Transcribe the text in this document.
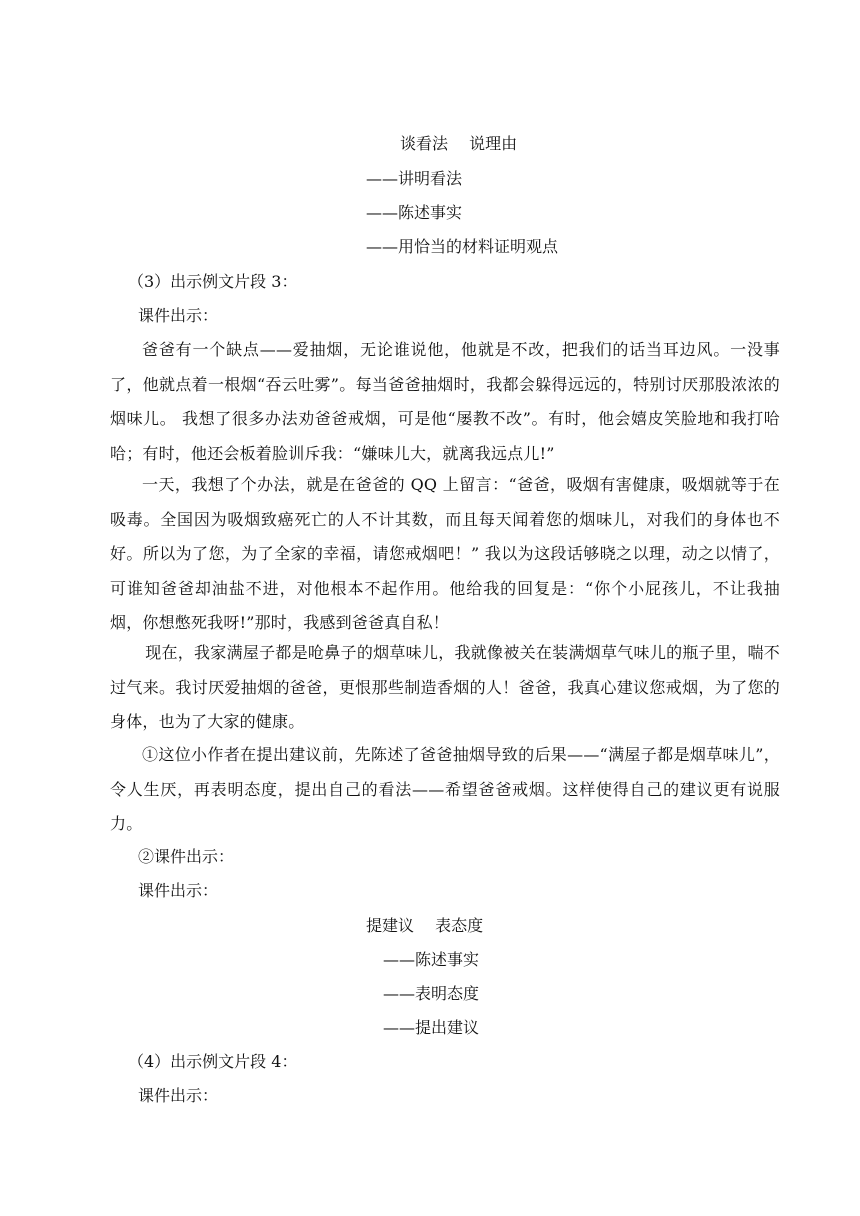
谈看法　 说理由
——讲明看法
——陈述事实
——用恰当的材料证明观点
（3）出示例文片段 3：
课件出示：
爸爸有一个缺点——爱抽烟，无论谁说他，他就是不改，把我们的话当耳边风。一没事了，他就点着一根烟“吞云吐雾”。每当爸爸抽烟时，我都会躲得远远的，特别讨厌那股浓浓的烟味儿。 我想了很多办法劝爸爸戒烟，可是他“屡教不改”。有时，他会嬉皮笑脸地和我打哈哈；有时，他还会板着脸训斥我：“嫌味儿大，就离我远点儿!”
一天，我想了个办法，就是在爸爸的 QQ 上留言：“爸爸，吸烟有害健康，吸烟就等于在吸毒。全国因为吸烟致癌死亡的人不计其数，而且每天闻着您的烟味儿，对我们的身体也不好。所以为了您，为了全家的幸福，请您戒烟吧！” 我以为这段话够晓之以理，动之以情了，可谁知爸爸却油盐不进，对他根本不起作用。他给我的回复是：“你个小屁孩儿，不让我抽烟，你想憋死我呀!”那时，我感到爸爸真自私！
现在，我家满屋子都是呛鼻子的烟草味儿，我就像被关在装满烟草气味儿的瓶子里，喘不过气来。我讨厌爱抽烟的爸爸，更恨那些制造香烟的人！爸爸，我真心建议您戒烟，为了您的身体，也为了大家的健康。
①这位小作者在提出建议前，先陈述了爸爸抽烟导致的后果——“满屋子都是烟草味儿”，令人生厌，再表明态度，提出自己的看法——希望爸爸戒烟。这样使得自己的建议更有说服力。
②课件出示：
课件出示：
提建议　 表态度
——陈述事实
——表明态度
——提出建议
（4）出示例文片段 4：
课件出示：
